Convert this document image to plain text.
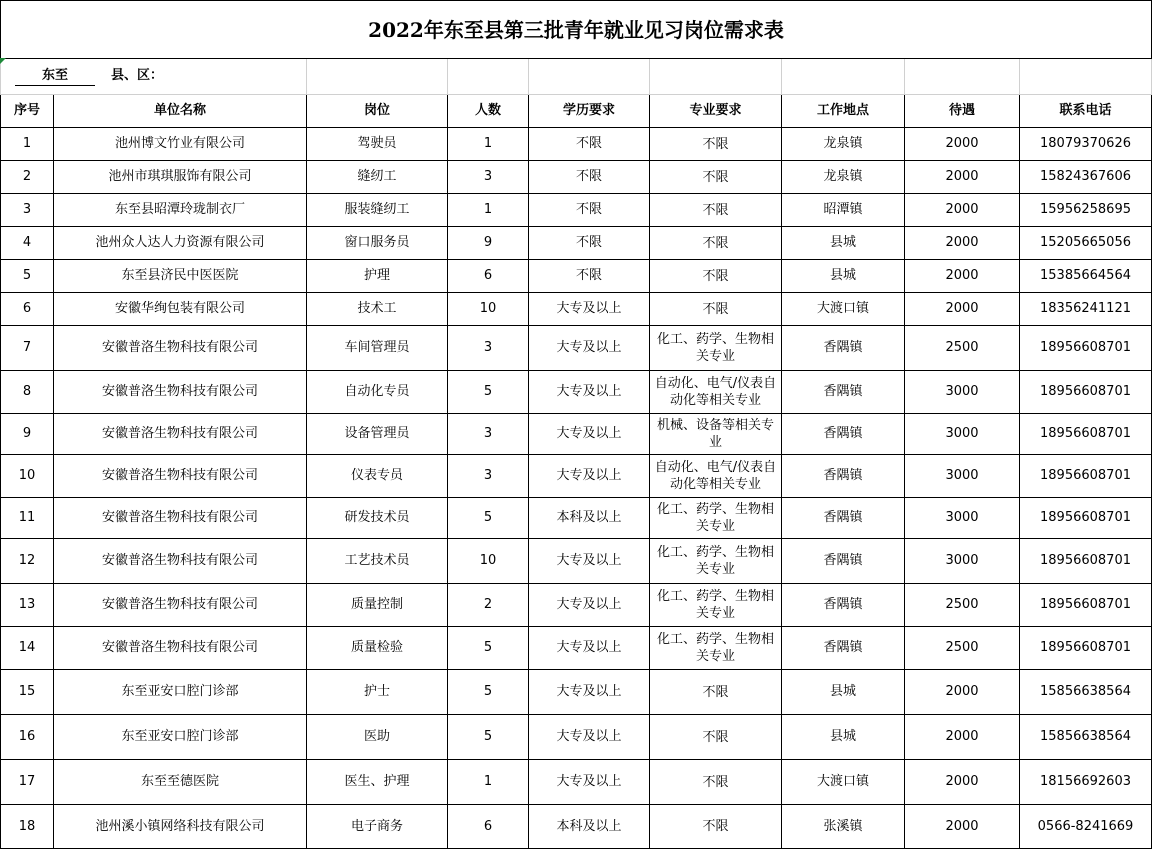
2022年东至县第三批青年就业见习岗位需求表								
东至 县、区：								
序号	单位名称	岗位	人数	学历要求	专业要求	工作地点	待遇	联系电话
1	池州博文竹业有限公司	驾驶员	1	不限	不限	龙泉镇	2000	18079370626
2	池州市琪琪服饰有限公司	缝纫工	3	不限	不限	龙泉镇	2000	15824367606
3	东至县昭潭玲珑制衣厂	服装缝纫工	1	不限	不限	昭潭镇	2000	15956258695
4	池州众人达人力资源有限公司	窗口服务员	9	不限	不限	县城	2000	15205665056
5	东至县济民中医医院	护理	6	不限	不限	县城	2000	15385664564
6	安徽华绚包装有限公司	技术工	10	大专及以上	不限	大渡口镇	2000	18356241121
7	安徽普洛生物科技有限公司	车间管理员	3	大专及以上	化工、药学、生物相关专业	香隅镇	2500	18956608701
8	安徽普洛生物科技有限公司	自动化专员	5	大专及以上	自动化、电气/仪表自动化等相关专业	香隅镇	3000	18956608701
9	安徽普洛生物科技有限公司	设备管理员	3	大专及以上	机械、设备等相关专业	香隅镇	3000	18956608701
10	安徽普洛生物科技有限公司	仪表专员	3	大专及以上	自动化、电气/仪表自动化等相关专业	香隅镇	3000	18956608701
11	安徽普洛生物科技有限公司	研发技术员	5	本科及以上	化工、药学、生物相关专业	香隅镇	3000	18956608701
12	安徽普洛生物科技有限公司	工艺技术员	10	大专及以上	化工、药学、生物相关专业	香隅镇	3000	18956608701
13	安徽普洛生物科技有限公司	质量控制	2	大专及以上	化工、药学、生物相关专业	香隅镇	2500	18956608701
14	安徽普洛生物科技有限公司	质量检验	5	大专及以上	化工、药学、生物相关专业	香隅镇	2500	18956608701
15	东至亚安口腔门诊部	护士	5	大专及以上	不限	县城	2000	15856638564
16	东至亚安口腔门诊部	医助	5	大专及以上	不限	县城	2000	15856638564
17	东至至德医院	医生、护理	1	大专及以上	不限	大渡口镇	2000	18156692603
18	池州溪小镇网络科技有限公司	电子商务	6	本科及以上	不限	张溪镇	2000	0566-8241669
